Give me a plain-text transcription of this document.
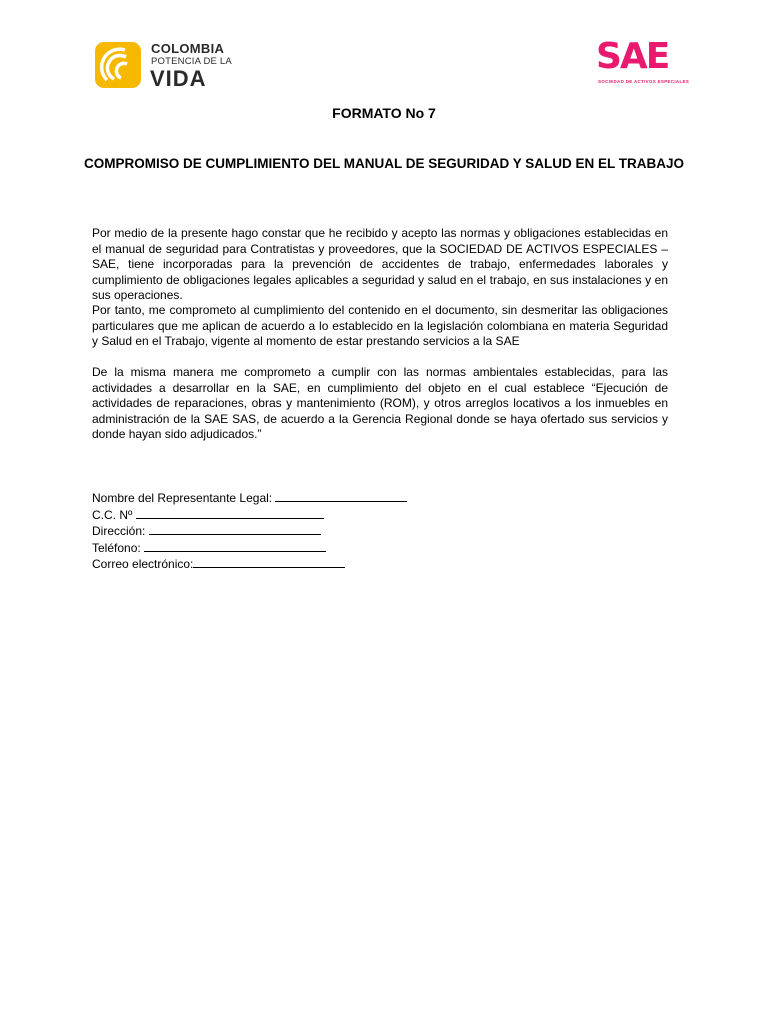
COLOMBIA
POTENCIA DE LA
VIDA
SAE
SOCIEDAD DE ACTIVOS ESPECIALES
FORMATO No 7
COMPROMISO DE CUMPLIMIENTO DEL MANUAL DE SEGURIDAD Y SALUD EN EL TRABAJO

Por medio de la presente hago constar que he recibido y acepto las normas y obligaciones establecidas en el manual de seguridad para Contratistas y proveedores, que la SOCIEDAD DE ACTIVOS ESPECIALES – SAE, tiene incorporadas para la prevención de accidentes de trabajo, enfermedades laborales y cumplimiento de obligaciones legales aplicables a seguridad y salud en el trabajo, en sus instalaciones y en sus operaciones.

Por tanto, me comprometo al cumplimiento del contenido en el documento, sin desmeritar las obligaciones particulares que me aplican de acuerdo a lo establecido en la legislación colombiana en materia Seguridad y Salud en el Trabajo, vigente al momento de estar prestando servicios a la SAE

De la misma manera me comprometo a cumplir con las normas ambientales establecidas, para las actividades a desarrollar en la SAE, en cumplimiento del objeto en el cual establece “Ejecución de actividades de reparaciones, obras y mantenimiento (ROM), y otros arreglos locativos a los inmuebles en administración de la SAE SAS, de acuerdo a la Gerencia Regional donde se haya ofertado sus servicios y donde hayan sido adjudicados.”

Nombre del Representante Legal:
C.C. Nº
Dirección:
Teléfono:
Correo electrónico:
